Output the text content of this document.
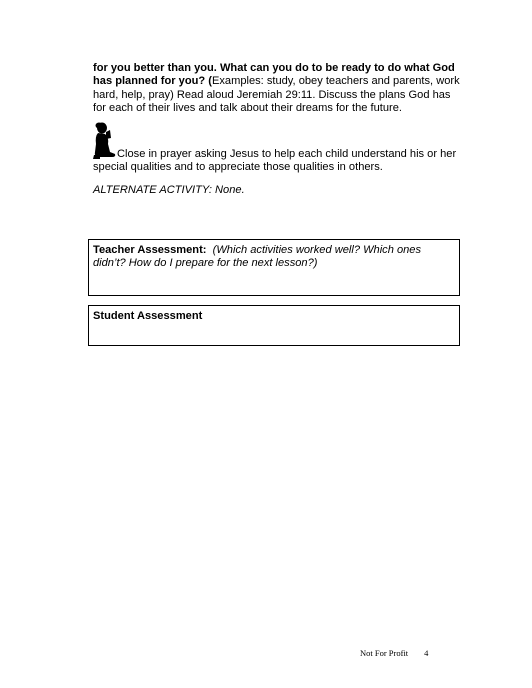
for you better than you. What can you do to be ready to do what God has planned for you? (Examples: study, obey teachers and parents, work hard, help, pray) Read aloud Jeremiah 29:11. Discuss the plans God has for each of their lives and talk about their dreams for the future.
Close in prayer asking Jesus to help each child understand his or her special qualities and to appreciate those qualities in others.
ALTERNATE ACTIVITY: None.
Teacher Assessment: (Which activities worked well? Which ones didn’t? How do I prepare for the next lesson?)
Student Assessment
Not For Profit 4
